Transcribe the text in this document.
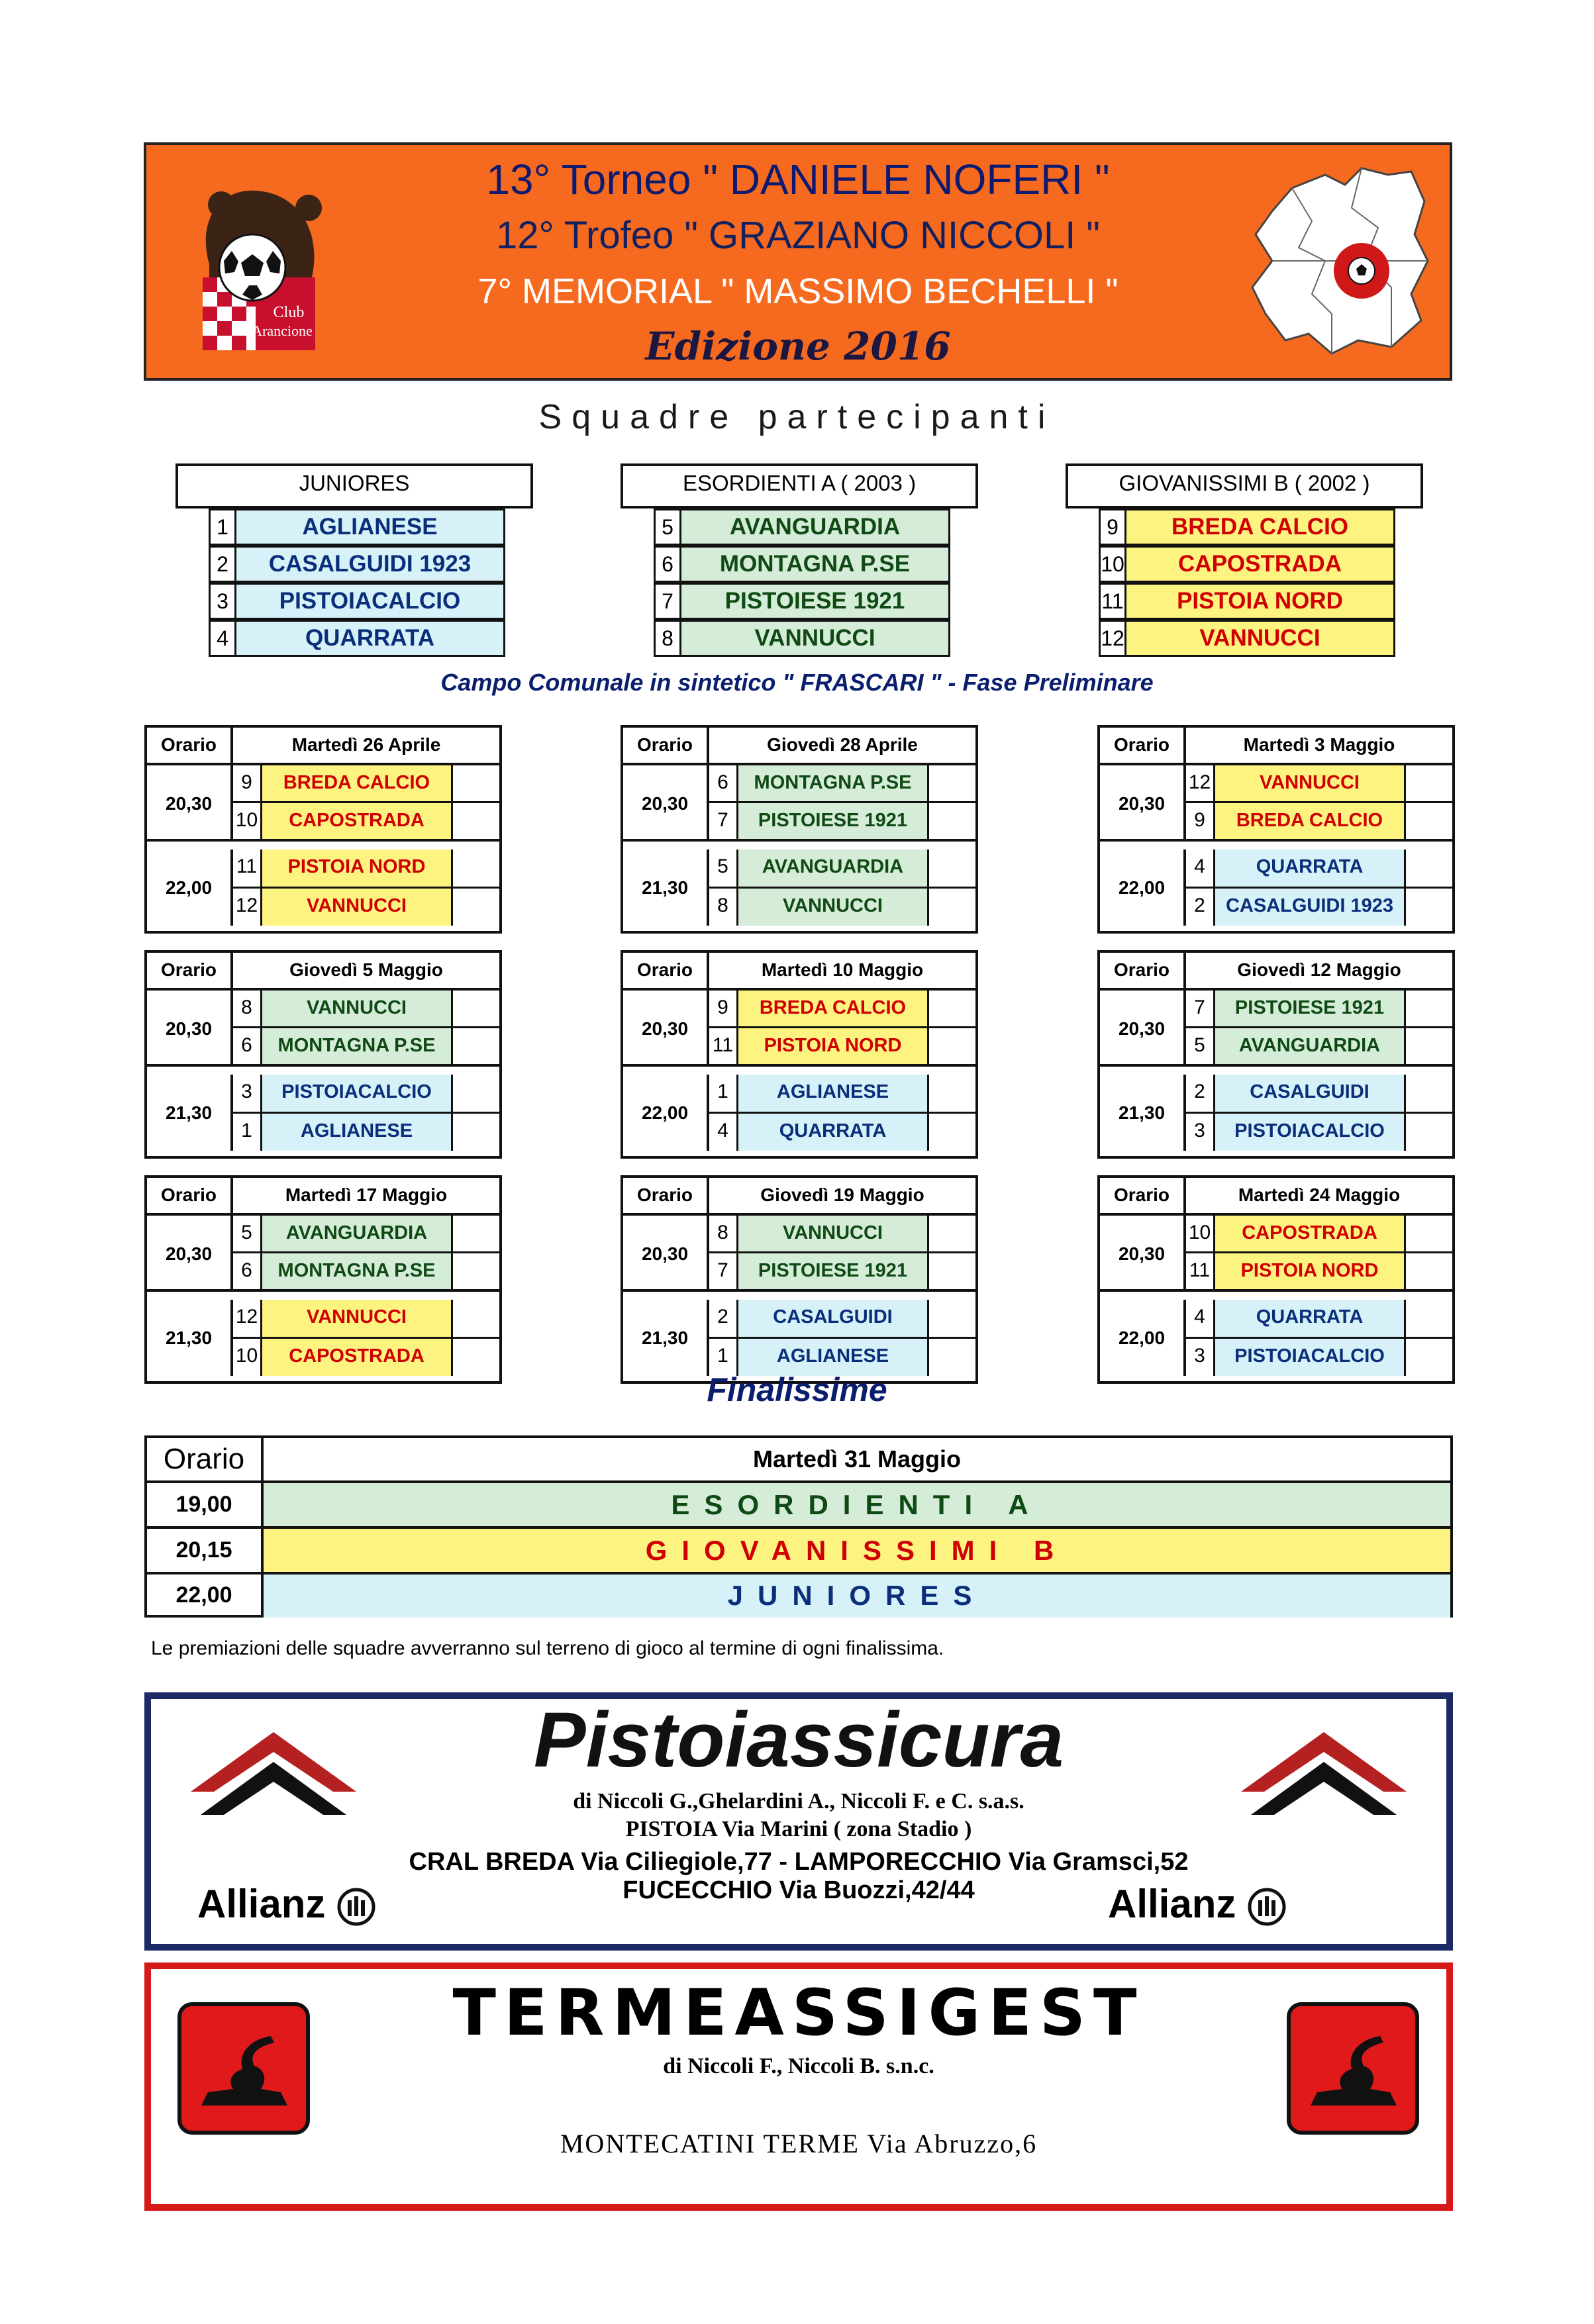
13° Torneo " DANIELE NOFERI "
12° Trofeo " GRAZIANO NICCOLI "
7° MEMORIAL " MASSIMO BECHELLI "
Edizione 2016
Club
Arancione
Squadre partecipanti
JUNIORES
1	AGLIANESE
2	CASALGUIDI 1923
3	PISTOIACALCIO
4	QUARRATA
ESORDIENTI A ( 2003 )
5	AVANGUARDIA
6	MONTAGNA P.SE
7	PISTOIESE 1921
8	VANNUCCI
GIOVANISSIMI B ( 2002 )
9	BREDA CALCIO
10	CAPOSTRADA
11	PISTOIA NORD
12	VANNUCCI
Campo Comunale in sintetico " FRASCARI " - Fase Preliminare
Orario	Martedì 26 Aprile
20,30
9	BREDA CALCIO
10	CAPOSTRADA
22,00
11	PISTOIA NORD
12	VANNUCCI
Orario	Giovedì 28 Aprile
20,30
6	MONTAGNA P.SE
7	PISTOIESE 1921
21,30
5	AVANGUARDIA
8	VANNUCCI
Orario	Martedì 3 Maggio
20,30
12	VANNUCCI
9	BREDA CALCIO
22,00
4	QUARRATA
2	CASALGUIDI 1923
Orario	Giovedì 5 Maggio
20,30
8	VANNUCCI
6	MONTAGNA P.SE
21,30
3	PISTOIACALCIO
1	AGLIANESE
Orario	Martedì 10 Maggio
20,30
9	BREDA CALCIO
11	PISTOIA NORD
22,00
1	AGLIANESE
4	QUARRATA
Orario	Giovedì 12 Maggio
20,30
7	PISTOIESE 1921
5	AVANGUARDIA
21,30
2	CASALGUIDI
3	PISTOIACALCIO
Orario	Martedì 17 Maggio
20,30
5	AVANGUARDIA
6	MONTAGNA P.SE
21,30
12	VANNUCCI
10	CAPOSTRADA
Orario	Giovedì 19 Maggio
20,30
8	VANNUCCI
7	PISTOIESE 1921
21,30
2	CASALGUIDI
1	AGLIANESE
Orario	Martedì 24 Maggio
20,30
10	CAPOSTRADA
11	PISTOIA NORD
22,00
4	QUARRATA
3	PISTOIACALCIO
Finalissime
Orario	Martedì 31 Maggio
19,00	ESORDIENTI A
20,15	GIOVANISSIMI B
22,00	JUNIORES
Le premiazioni delle squadre avverranno sul terreno di gioco al termine di ogni finalissima.
Pistoiassicura
di Niccoli G.,Ghelardini A., Niccoli F. e C. s.a.s.
PISTOIA Via Marini ( zona Stadio )
CRAL BREDA Via Ciliegiole,77 - LAMPORECCHIO Via Gramsci,52
FUCECCHIO Via Buozzi,42/44
Allianz	Allianz
TERMEASSIGEST
di Niccoli F., Niccoli B. s.n.c.
MONTECATINI TERME Via Abruzzo,6
